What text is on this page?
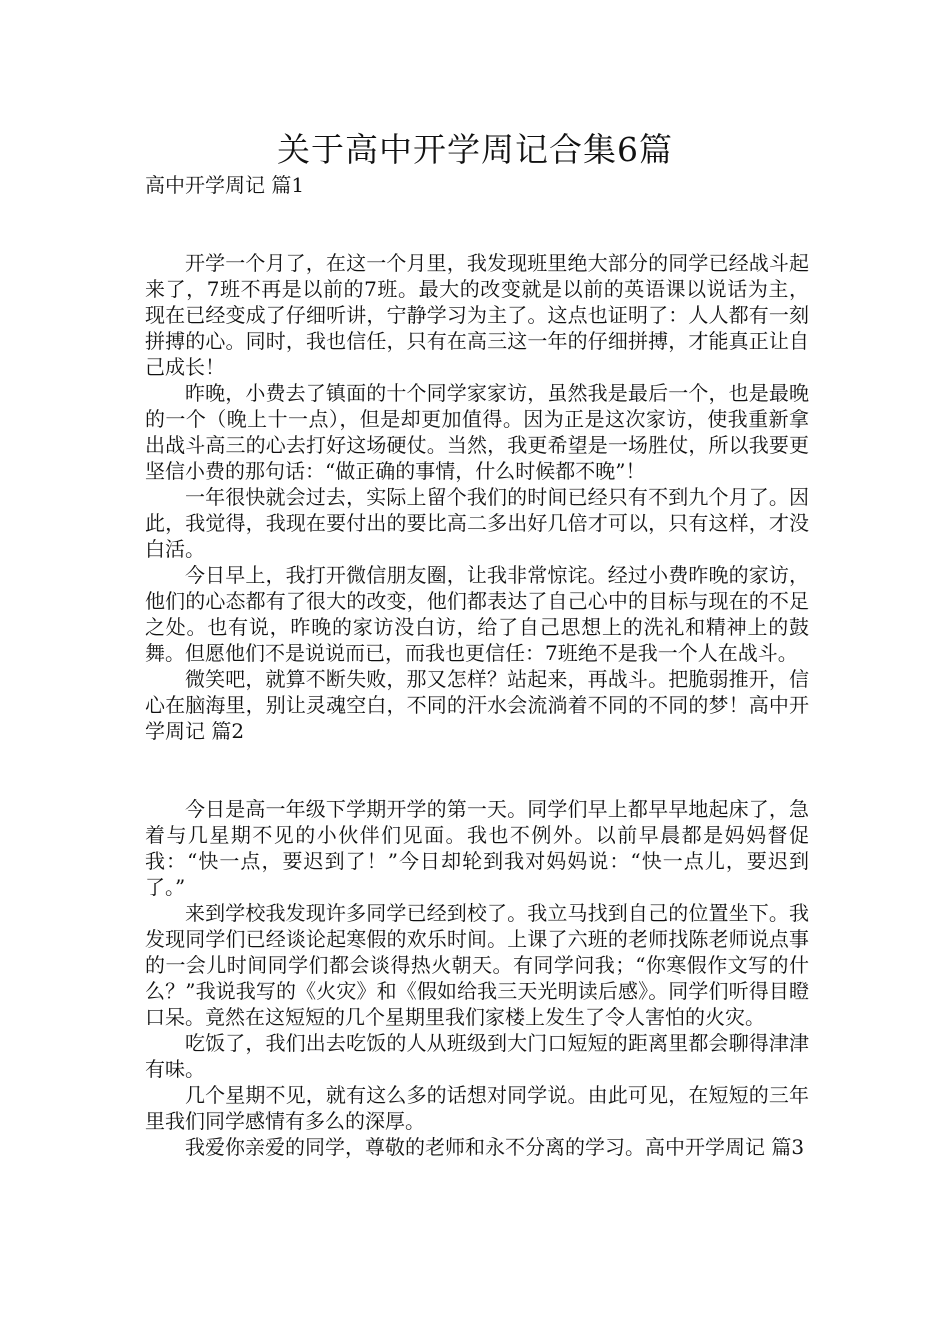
关于高中开学周记合集6篇

高中开学周记 篇1

开学一个月了，在这一个月里，我发现班里绝大部分的同学已经战斗起来了，7班不再是以前的7班。最大的改变就是以前的英语课以说话为主，现在已经变成了仔细听讲，宁静学习为主了。这点也证明了：人人都有一刻拼搏的心。同时，我也信任，只有在高三这一年的仔细拼搏，才能真正让自己成长！

昨晚，小费去了镇面的十个同学家家访，虽然我是最后一个，也是最晚的一个（晚上十一点），但是却更加值得。因为正是这次家访，使我重新拿出战斗高三的心去打好这场硬仗。当然，我更希望是一场胜仗，所以我要更坚信小费的那句话：“做正确的事情，什么时候都不晚”！

一年很快就会过去，实际上留个我们的时间已经只有不到九个月了。因此，我觉得，我现在要付出的要比高二多出好几倍才可以，只有这样，才没白活。

今日早上，我打开微信朋友圈，让我非常惊诧。经过小费昨晚的家访，他们的心态都有了很大的改变，他们都表达了自己心中的目标与现在的不足之处。也有说，昨晚的家访没白访，给了自己思想上的洗礼和精神上的鼓舞。但愿他们不是说说而已，而我也更信任：7班绝不是我一个人在战斗。

微笑吧，就算不断失败，那又怎样？站起来，再战斗。把脆弱推开，信心在脑海里，别让灵魂空白，不同的汗水会流淌着不同的不同的梦！高中开学周记 篇2

今日是高一年级下学期开学的第一天。同学们早上都早早地起床了，急着与几星期不见的小伙伴们见面。我也不例外。以前早晨都是妈妈督促我：“快一点，要迟到了！”今日却轮到我对妈妈说：“快一点儿，要迟到了。”

来到学校我发现许多同学已经到校了。我立马找到自己的位置坐下。我发现同学们已经谈论起寒假的欢乐时间。上课了六班的老师找陈老师说点事的一会儿时间同学们都会谈得热火朝天。有同学问我；“你寒假作文写的什么？”我说我写的《火灾》和《假如给我三天光明读后感》。同学们听得目瞪口呆。竟然在这短短的几个星期里我们家楼上发生了令人害怕的火灾。

吃饭了，我们出去吃饭的人从班级到大门口短短的距离里都会聊得津津有味。

几个星期不见，就有这么多的话想对同学说。由此可见，在短短的三年里我们同学感情有多么的深厚。

我爱你亲爱的同学，尊敬的老师和永不分离的学习。高中开学周记 篇3
